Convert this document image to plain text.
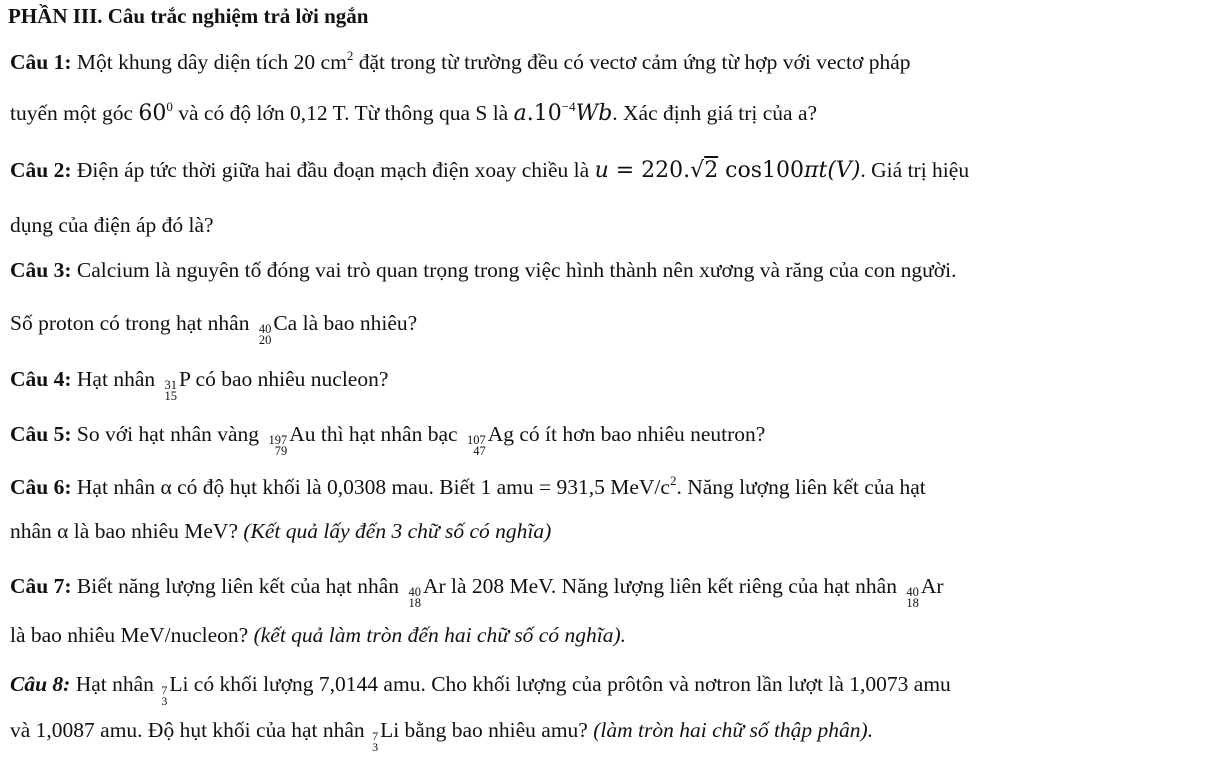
PHẦN III. Câu trắc nghiệm trả lời ngắn
Câu 1: Một khung dây diện tích 20 $cm^2$ đặt trong từ trường đều có vectơ cảm ứng từ hợp với vectơ pháp
tuyến một góc $60^0$ và có độ lớn 0,12 T. Từ thông qua S là $a.10^{-4}Wb$. Xác định giá trị của a?
Câu 2: Điện áp tức thời giữa hai đầu đoạn mạch điện xoay chiều là u = 220.√2 cos100πt(V). Giá trị hiệu
dụng của điện áp đó là?
Câu 3: Calcium là nguyên tố đóng vai trò quan trọng trong việc hình thành nên xương và răng của con người.
Số proton có trong hạt nhân 40
20
Ca là bao nhiêu?
Câu 4: Hạt nhân 31
15
P có bao nhiêu nucleon?
Câu 5: So với hạt nhân vàng 197
79
Au thì hạt nhân bạc 107
47
Ag có ít hơn bao nhiêu neutron?
Câu 6: Hạt nhân α có độ hụt khối là 0,0308 mau. Biết 1 amu = 931,5 MeV/$c^2$. Năng lượng liên kết của hạt
nhân α là bao nhiêu MeV? (Kết quả lấy đến 3 chữ số có nghĩa)
Câu 7: Biết năng lượng liên kết của hạt nhân 40
18
Ar là 208 MeV. Năng lượng liên kết riêng của hạt nhân 40
18
Ar
là bao nhiêu MeV/nucleon? (kết quả làm tròn đến hai chữ số có nghĩa).
Câu 8: Hạt nhân 7
3
Li có khối lượng 7,0144 amu. Cho khối lượng của prôtôn và nơtron lần lượt là 1,0073 amu
và 1,0087 amu. Độ hụt khối của hạt nhân 7
3
Li bằng bao nhiêu amu? (làm tròn hai chữ số thập phân).
